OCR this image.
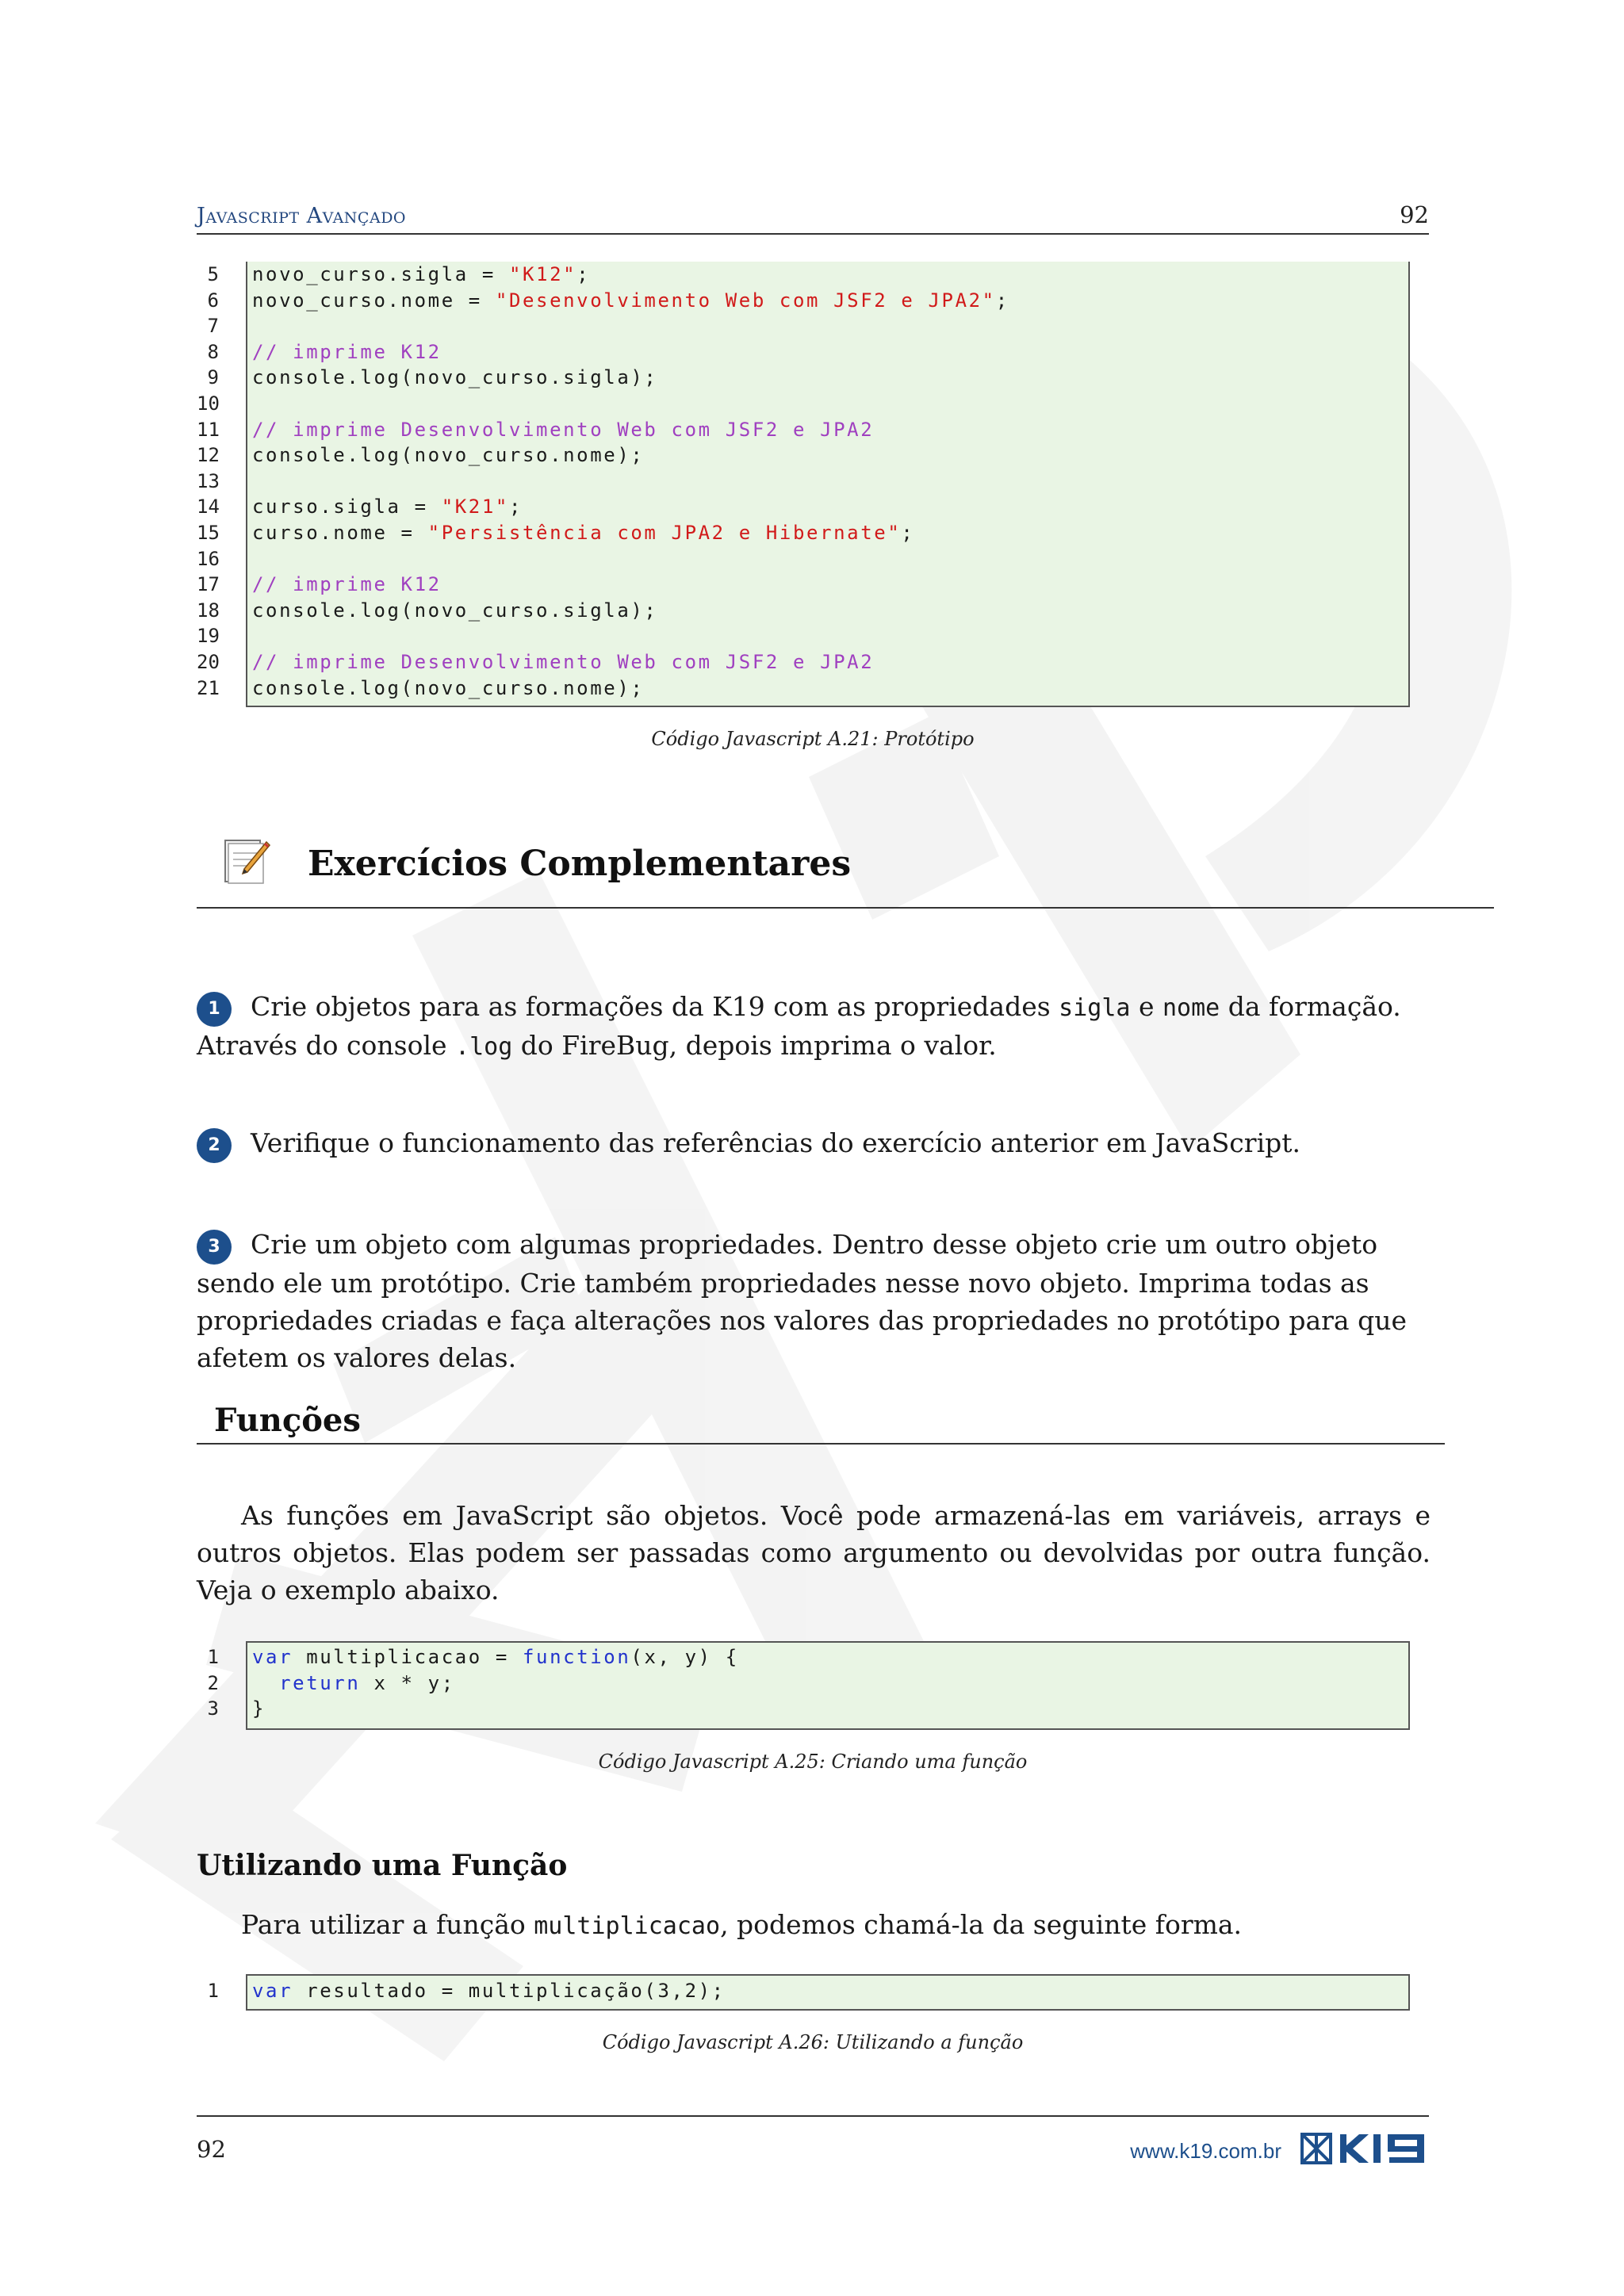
Javascript Avançado	92
5 novo_curso.sigla = "K12";
6 novo_curso.nome = "Desenvolvimento Web com JSF2 e JPA2";
7
8 // imprime K12
9 console.log(novo_curso.sigla);
10
11 // imprime Desenvolvimento Web com JSF2 e JPA2
12 console.log(novo_curso.nome);
13
14 curso.sigla = "K21";
15 curso.nome = "Persistência com JPA2 e Hibernate";
16
17 // imprime K12
18 console.log(novo_curso.sigla);
19
20 // imprime Desenvolvimento Web com JSF2 e JPA2
21 console.log(novo_curso.nome);
Código Javascript A.21: Protótipo
Exercícios Complementares
1 Crie objetos para as formações da K19 com as propriedades sigla e nome da formação. Através do console .log do FireBug, depois imprima o valor.
2 Verifique o funcionamento das referências do exercício anterior em JavaScript.
3 Crie um objeto com algumas propriedades. Dentro desse objeto crie um outro objeto sendo ele um protótipo. Crie também propriedades nesse novo objeto. Imprima todas as propriedades criadas e faça alterações nos valores das propriedades no protótipo para que afetem os valores delas.
Funções
As funções em JavaScript são objetos. Você pode armazená-las em variáveis, arrays e outros objetos. Elas podem ser passadas como argumento ou devolvidas por outra função. Veja o exemplo abaixo.
1 var multiplicacao = function(x, y) {
2	return x * y;
3 }
Código Javascript A.25: Criando uma função
Utilizando uma Função
Para utilizar a função multiplicacao, podemos chamá-la da seguinte forma.
1 var resultado = multiplicação(3,2);
Código Javascript A.26: Utilizando a função
92	www.k19.com.br
